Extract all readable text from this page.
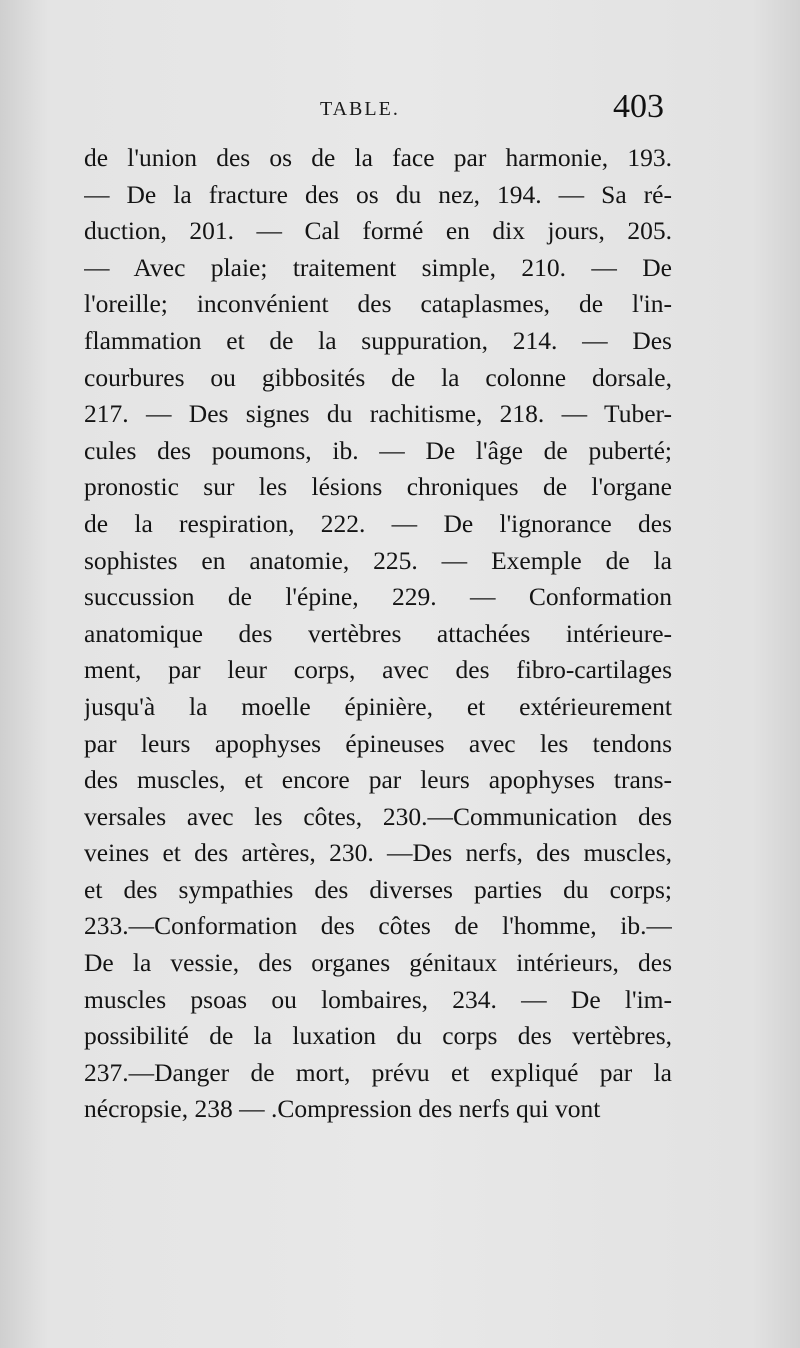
TABLE.	403
de l'union des os de la face par harmonie, 193.
— De la fracture des os du nez, 194. — Sa ré-
duction, 201. — Cal formé en dix jours, 205.
— Avec plaie; traitement simple, 210. — De
l'oreille; inconvénient des cataplasmes, de l'in-
flammation et de la suppuration, 214. — Des
courbures ou gibbosités de la colonne dorsale,
217. — Des signes du rachitisme, 218. — Tuber-
cules des poumons, ib. — De l'âge de puberté;
pronostic sur les lésions chroniques de l'organe
de la respiration, 222. — De l'ignorance des
sophistes en anatomie, 225. — Exemple de la
succussion de l'épine, 229. — Conformation
anatomique des vertèbres attachées intérieure-
ment, par leur corps, avec des fibro-cartilages
jusqu'à la moelle épinière, et extérieurement
par leurs apophyses épineuses avec les tendons
des muscles, et encore par leurs apophyses trans-
versales avec les côtes, 230.—Communication des
veines et des artères, 230. —Des nerfs, des muscles,
et des sympathies des diverses parties du corps;
233.—Conformation des côtes de l'homme, ib.—
De la vessie, des organes génitaux intérieurs, des
muscles psoas ou lombaires, 234. — De l'im-
possibilité de la luxation du corps des vertèbres,
237.—Danger de mort, prévu et expliqué par la
nécropsie, 238 — .Compression des nerfs qui vont
